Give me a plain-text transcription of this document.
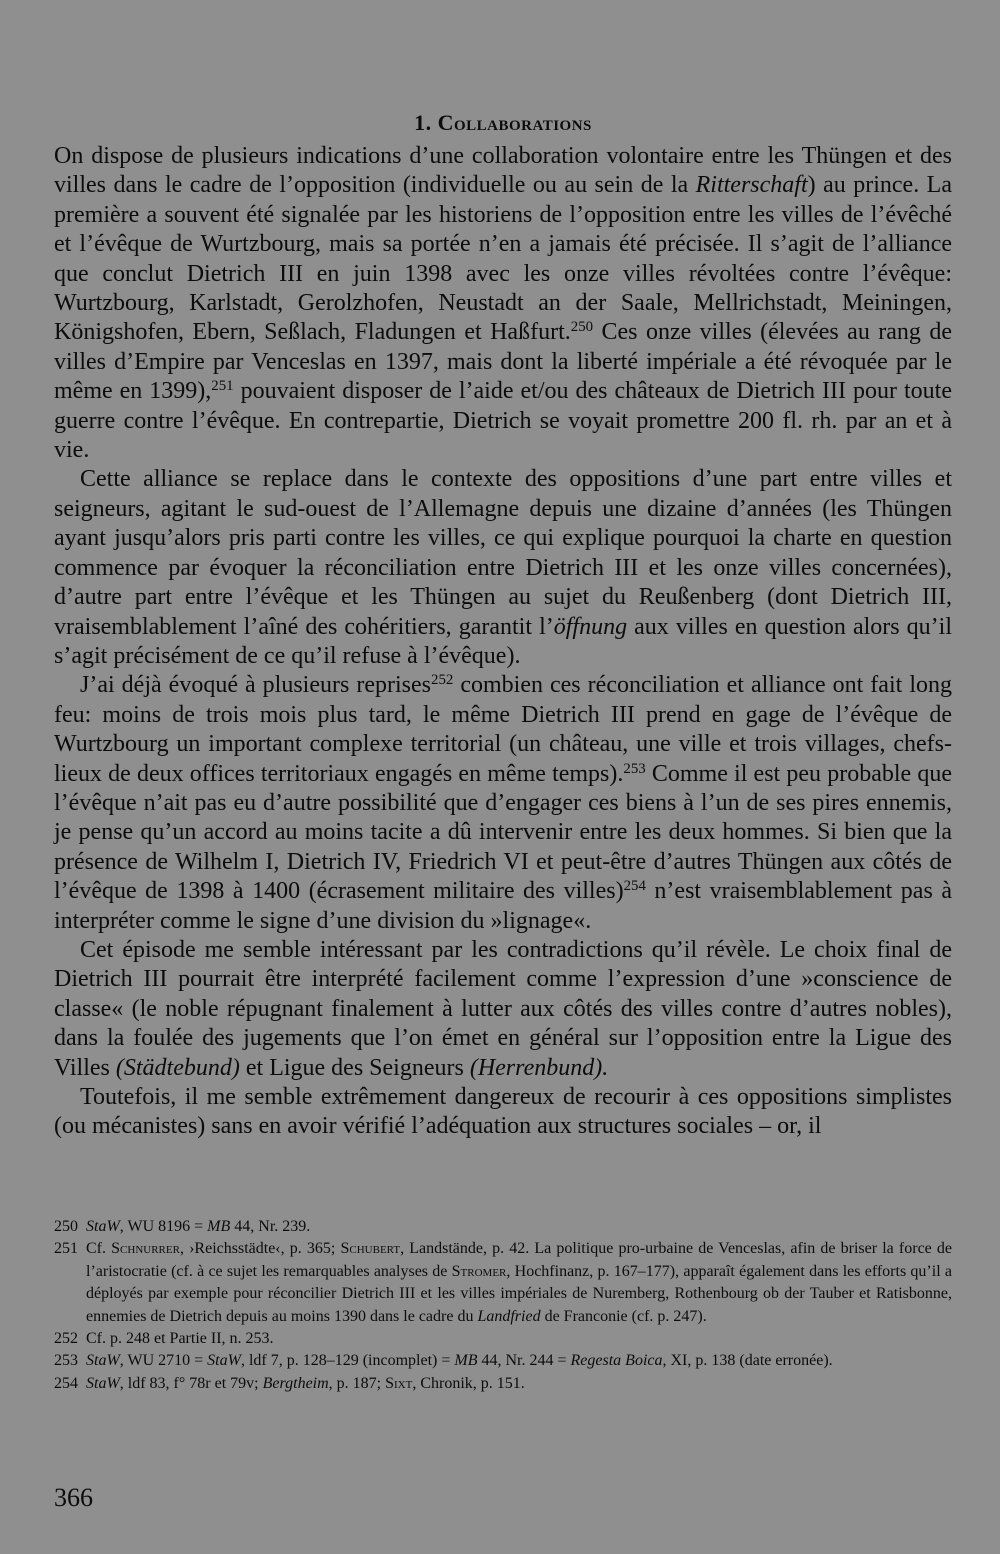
1. Collaborations

On dispose de plusieurs indications d’une collaboration volontaire entre les Thüngen et des villes dans le cadre de l’opposition (individuelle ou au sein de la Ritterschaft) au prince. La première a souvent été signalée par les historiens de l’opposition entre les villes de l’évêché et l’évêque de Wurtzbourg, mais sa portée n’en a jamais été précisée. Il s’agit de l’alliance que conclut Dietrich III en juin 1398 avec les onze villes révoltées contre l’évêque: Wurtzbourg, Karlstadt, Gerolzhofen, Neustadt an der Saale, Mellrichstadt, Meiningen, Königshofen, Ebern, Seßlach, Fladungen et Haßfurt.$^{250}$ Ces onze villes (élevées au rang de villes d’Empire par Venceslas en 1397, mais dont la liberté impériale a été révoquée par le même en 1399),$^{251}$ pouvaient disposer de l’aide et/ou des châteaux de Dietrich III pour toute guerre contre l’évêque. En contrepartie, Dietrich se voyait promettre 200 fl. rh. par an et à vie.

Cette alliance se replace dans le contexte des oppositions d’une part entre villes et seigneurs, agitant le sud-ouest de l’Allemagne depuis une dizaine d’années (les Thüngen ayant jusqu’alors pris parti contre les villes, ce qui explique pourquoi la charte en question commence par évoquer la réconciliation entre Dietrich III et les onze villes concernées), d’autre part entre l’évêque et les Thüngen au sujet du Reußenberg (dont Dietrich III, vraisemblablement l’aîné des cohéritiers, garantit l’öffnung aux villes en question alors qu’il s’agit précisément de ce qu’il refuse à l’évêque).

J’ai déjà évoqué à plusieurs reprises$^{252}$ combien ces réconciliation et alliance ont fait long feu: moins de trois mois plus tard, le même Dietrich III prend en gage de l’évêque de Wurtzbourg un important complexe territorial (un château, une ville et trois villages, chefs-lieux de deux offices territoriaux engagés en même temps).$^{253}$ Comme il est peu probable que l’évêque n’ait pas eu d’autre possibilité que d’engager ces biens à l’un de ses pires ennemis, je pense qu’un accord au moins tacite a dû intervenir entre les deux hommes. Si bien que la présence de Wilhelm I, Dietrich IV, Friedrich VI et peut-être d’autres Thüngen aux côtés de l’évêque de 1398 à 1400 (écrasement militaire des villes)$^{254}$ n’est vraisemblablement pas à interpréter comme le signe d’une division du »lignage«.

Cet épisode me semble intéressant par les contradictions qu’il révèle. Le choix final de Dietrich III pourrait être interprété facilement comme l’expression d’une »conscience de classe« (le noble répugnant finalement à lutter aux côtés des villes contre d’autres nobles), dans la foulée des jugements que l’on émet en général sur l’opposition entre la Ligue des Villes (Städtebund) et Ligue des Seigneurs (Herrenbund).

Toutefois, il me semble extrêmement dangereux de recourir à ces oppositions simplistes (ou mécanistes) sans en avoir vérifié l’adéquation aux structures sociales – or, il

250 StaW, WU 8196 = MB 44, Nr. 239.

251 Cf. Schnurrer, ›Reichsstädte‹, p. 365; Schubert, Landstände, p. 42. La politique pro-urbaine de Venceslas, afin de briser la force de l’aristocratie (cf. à ce sujet les remarquables analyses de Stromer, Hochfinanz, p. 167–177), apparaît également dans les efforts qu’il a déployés par exemple pour réconcilier Dietrich III et les villes impériales de Nuremberg, Rothenbourg ob der Tauber et Ratisbonne, ennemies de Dietrich depuis au moins 1390 dans le cadre du Landfried de Franconie (cf. p. 247).

252 Cf. p. 248 et Partie II, n. 253.

253 StaW, WU 2710 = StaW, ldf 7, p. 128–129 (incomplet) = MB 44, Nr. 244 = Regesta Boica, XI, p. 138 (date erronée).

254 StaW, ldf 83, f° 78r et 79v; Bergtheim, p. 187; Sixt, Chronik, p. 151.

366
